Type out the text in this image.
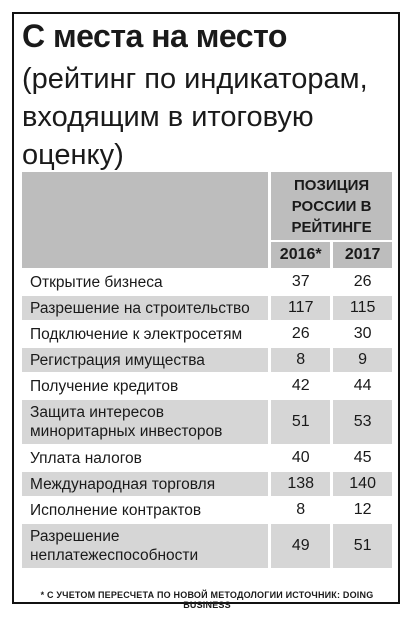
С места на место
(рейтинг по индикаторам, входящим в итоговую оценку)
	ПОЗИЦИЯ РОССИИ В РЕЙТИНГЕ	
	2016*	2017
Открытие бизнеса	37	26
Разрешение на строительство	117	115
Подключение к электросетям	26	30
Регистрация имущества	8	9
Получение кредитов	42	44
Защита интересов миноритарных инвесторов	51	53
Уплата налогов	40	45
Международная торговля	138	140
Исполнение контрактов	8	12
Разрешение неплатежеспособности	49	51
* С УЧЕТОМ ПЕРЕСЧЕТА ПО НОВОЙ МЕТОДОЛОГИИ ИСТОЧНИК: DOING BUSINESS
